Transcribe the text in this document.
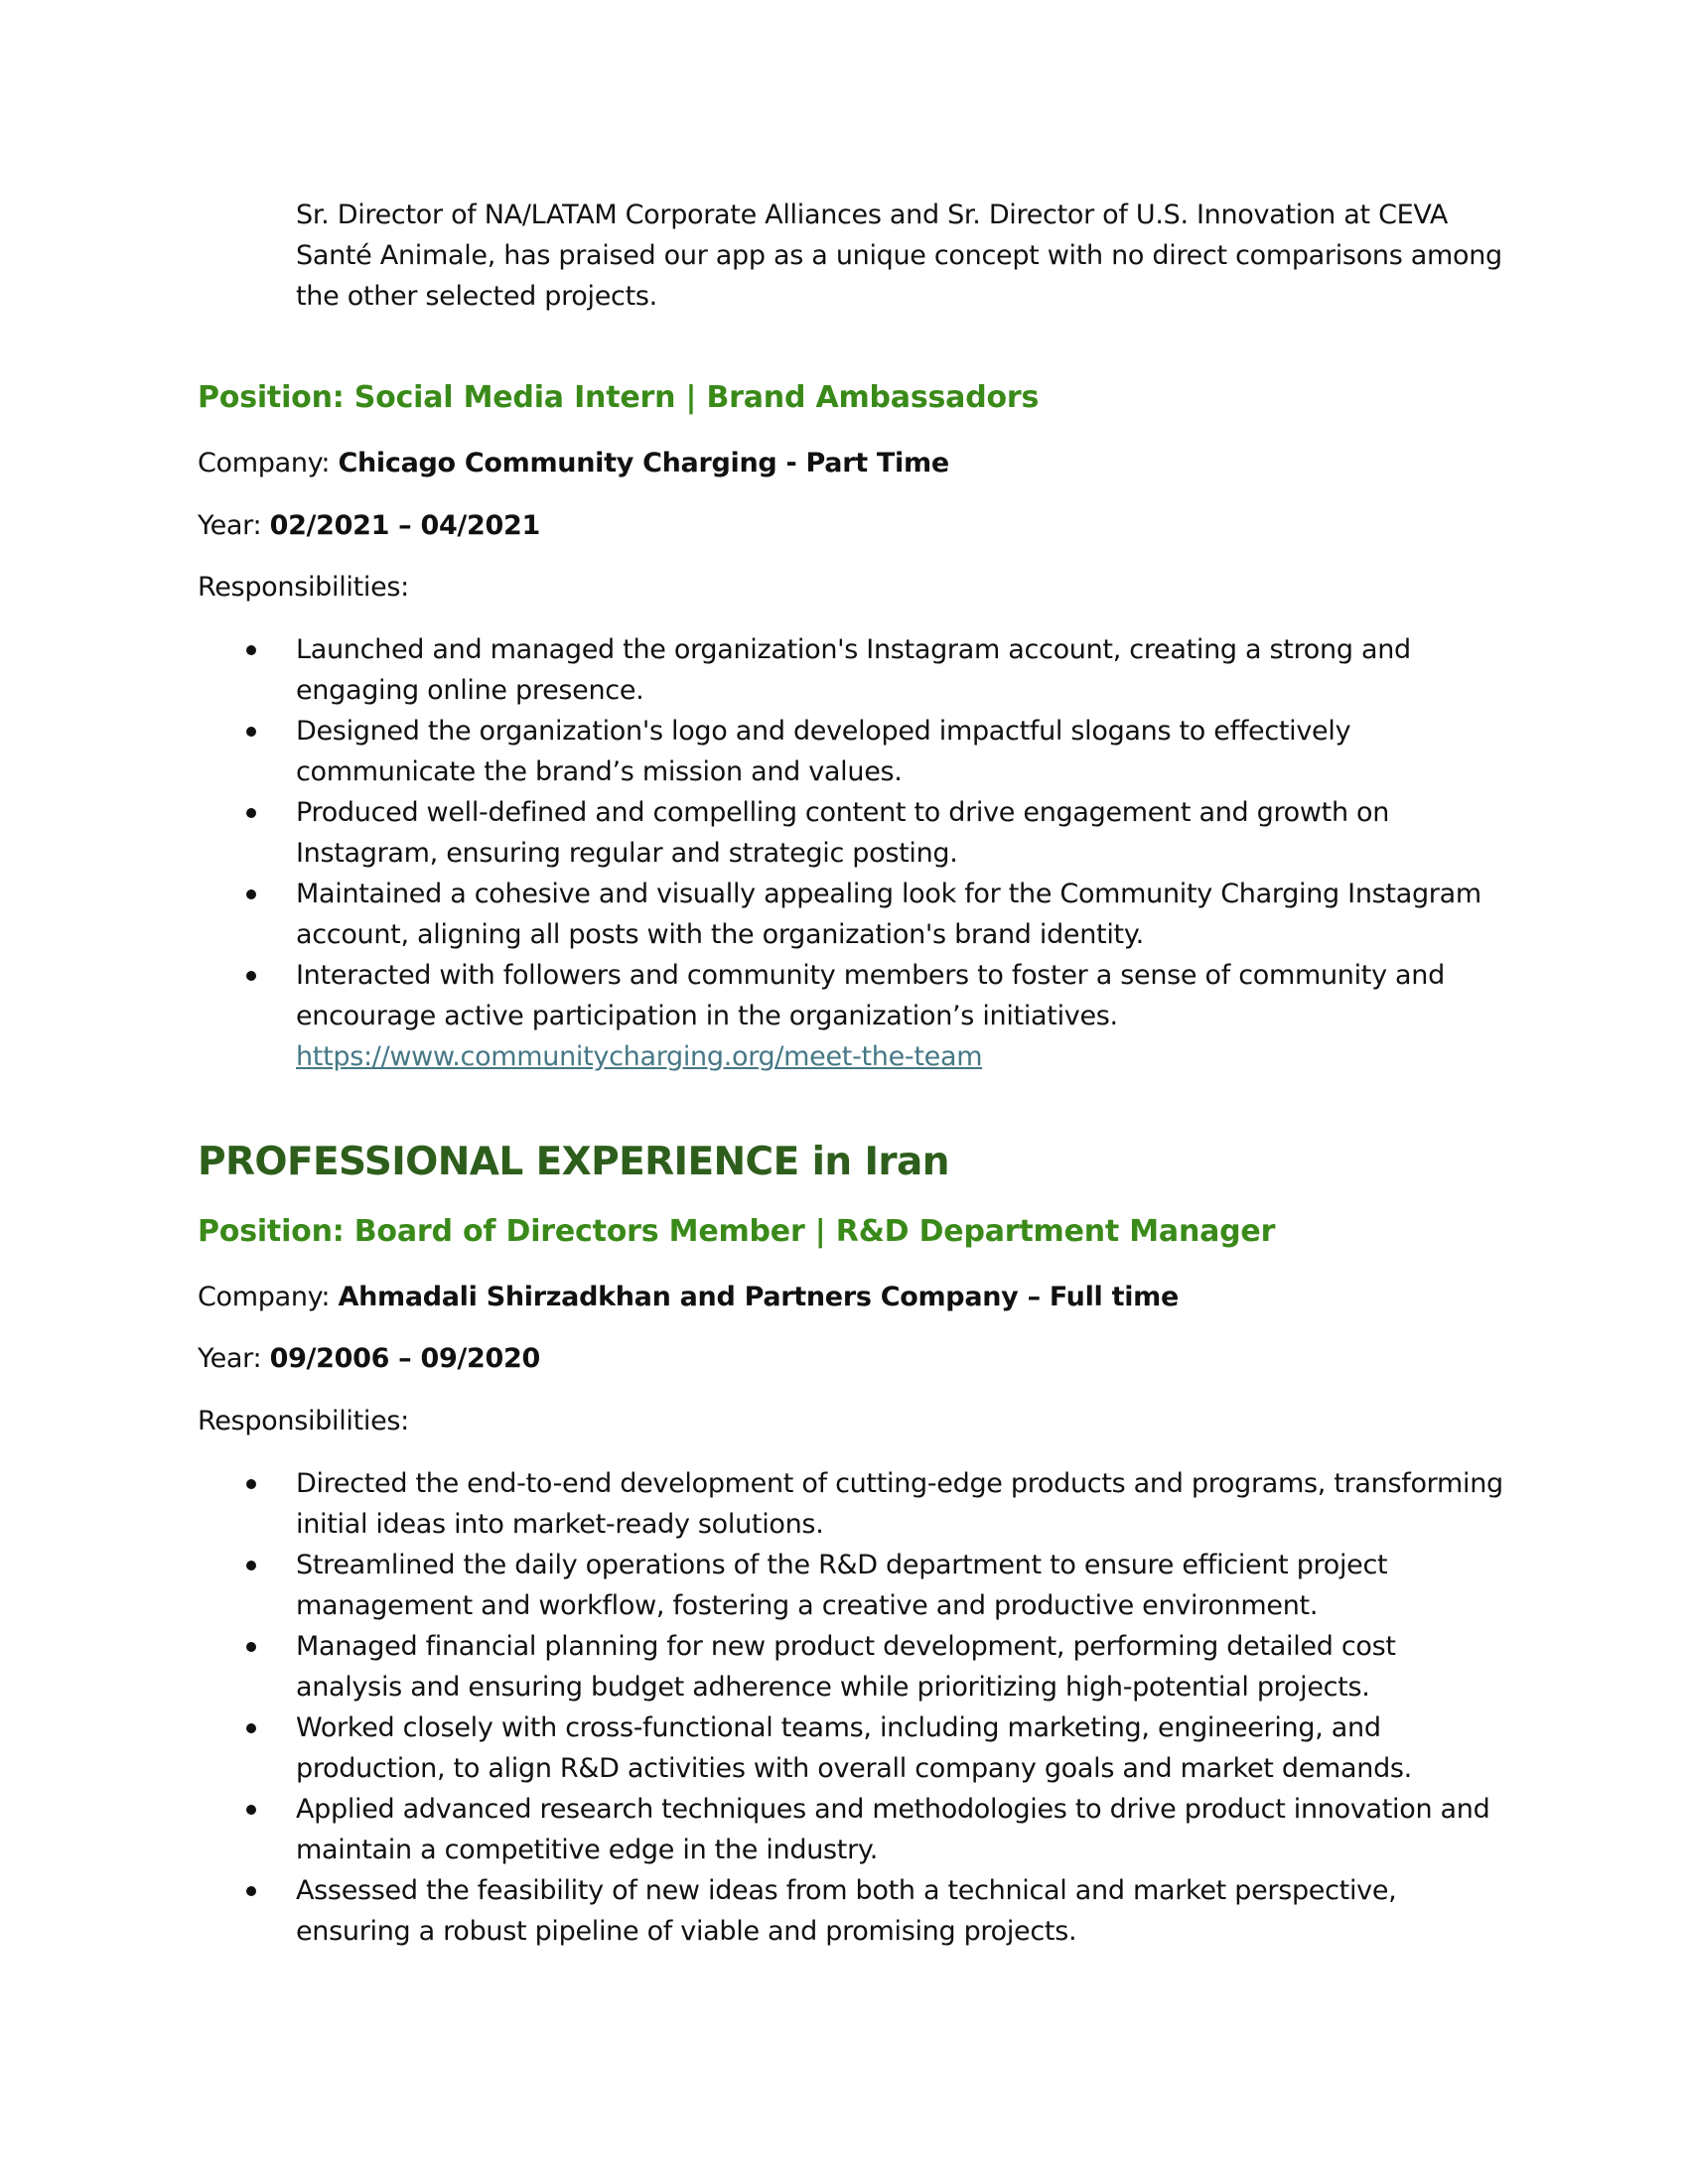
Sr. Director of NA/LATAM Corporate Alliances and Sr. Director of U.S. Innovation at CEVA
Santé Animale, has praised our app as a unique concept with no direct comparisons among
the other selected projects.
Position: Social Media Intern | Brand Ambassadors
Company: Chicago Community Charging - Part Time
Year: 02/2021 – 04/2021
Responsibilities:
Launched and managed the organization's Instagram account, creating a strong and
engaging online presence.
Designed the organization's logo and developed impactful slogans to effectively
communicate the brand’s mission and values.
Produced well-defined and compelling content to drive engagement and growth on
Instagram, ensuring regular and strategic posting.
Maintained a cohesive and visually appealing look for the Community Charging Instagram
account, aligning all posts with the organization's brand identity.
Interacted with followers and community members to foster a sense of community and
encourage active participation in the organization’s initiatives.
https://www.communitycharging.org/meet-the-team
PROFESSIONAL EXPERIENCE in Iran
Position: Board of Directors Member | R&D Department Manager
Company: Ahmadali Shirzadkhan and Partners Company – Full time
Year: 09/2006 – 09/2020
Responsibilities:
Directed the end-to-end development of cutting-edge products and programs, transforming
initial ideas into market-ready solutions.
Streamlined the daily operations of the R&D department to ensure efficient project
management and workflow, fostering a creative and productive environment.
Managed financial planning for new product development, performing detailed cost
analysis and ensuring budget adherence while prioritizing high-potential projects.
Worked closely with cross-functional teams, including marketing, engineering, and
production, to align R&D activities with overall company goals and market demands.
Applied advanced research techniques and methodologies to drive product innovation and
maintain a competitive edge in the industry.
Assessed the feasibility of new ideas from both a technical and market perspective,
ensuring a robust pipeline of viable and promising projects.
